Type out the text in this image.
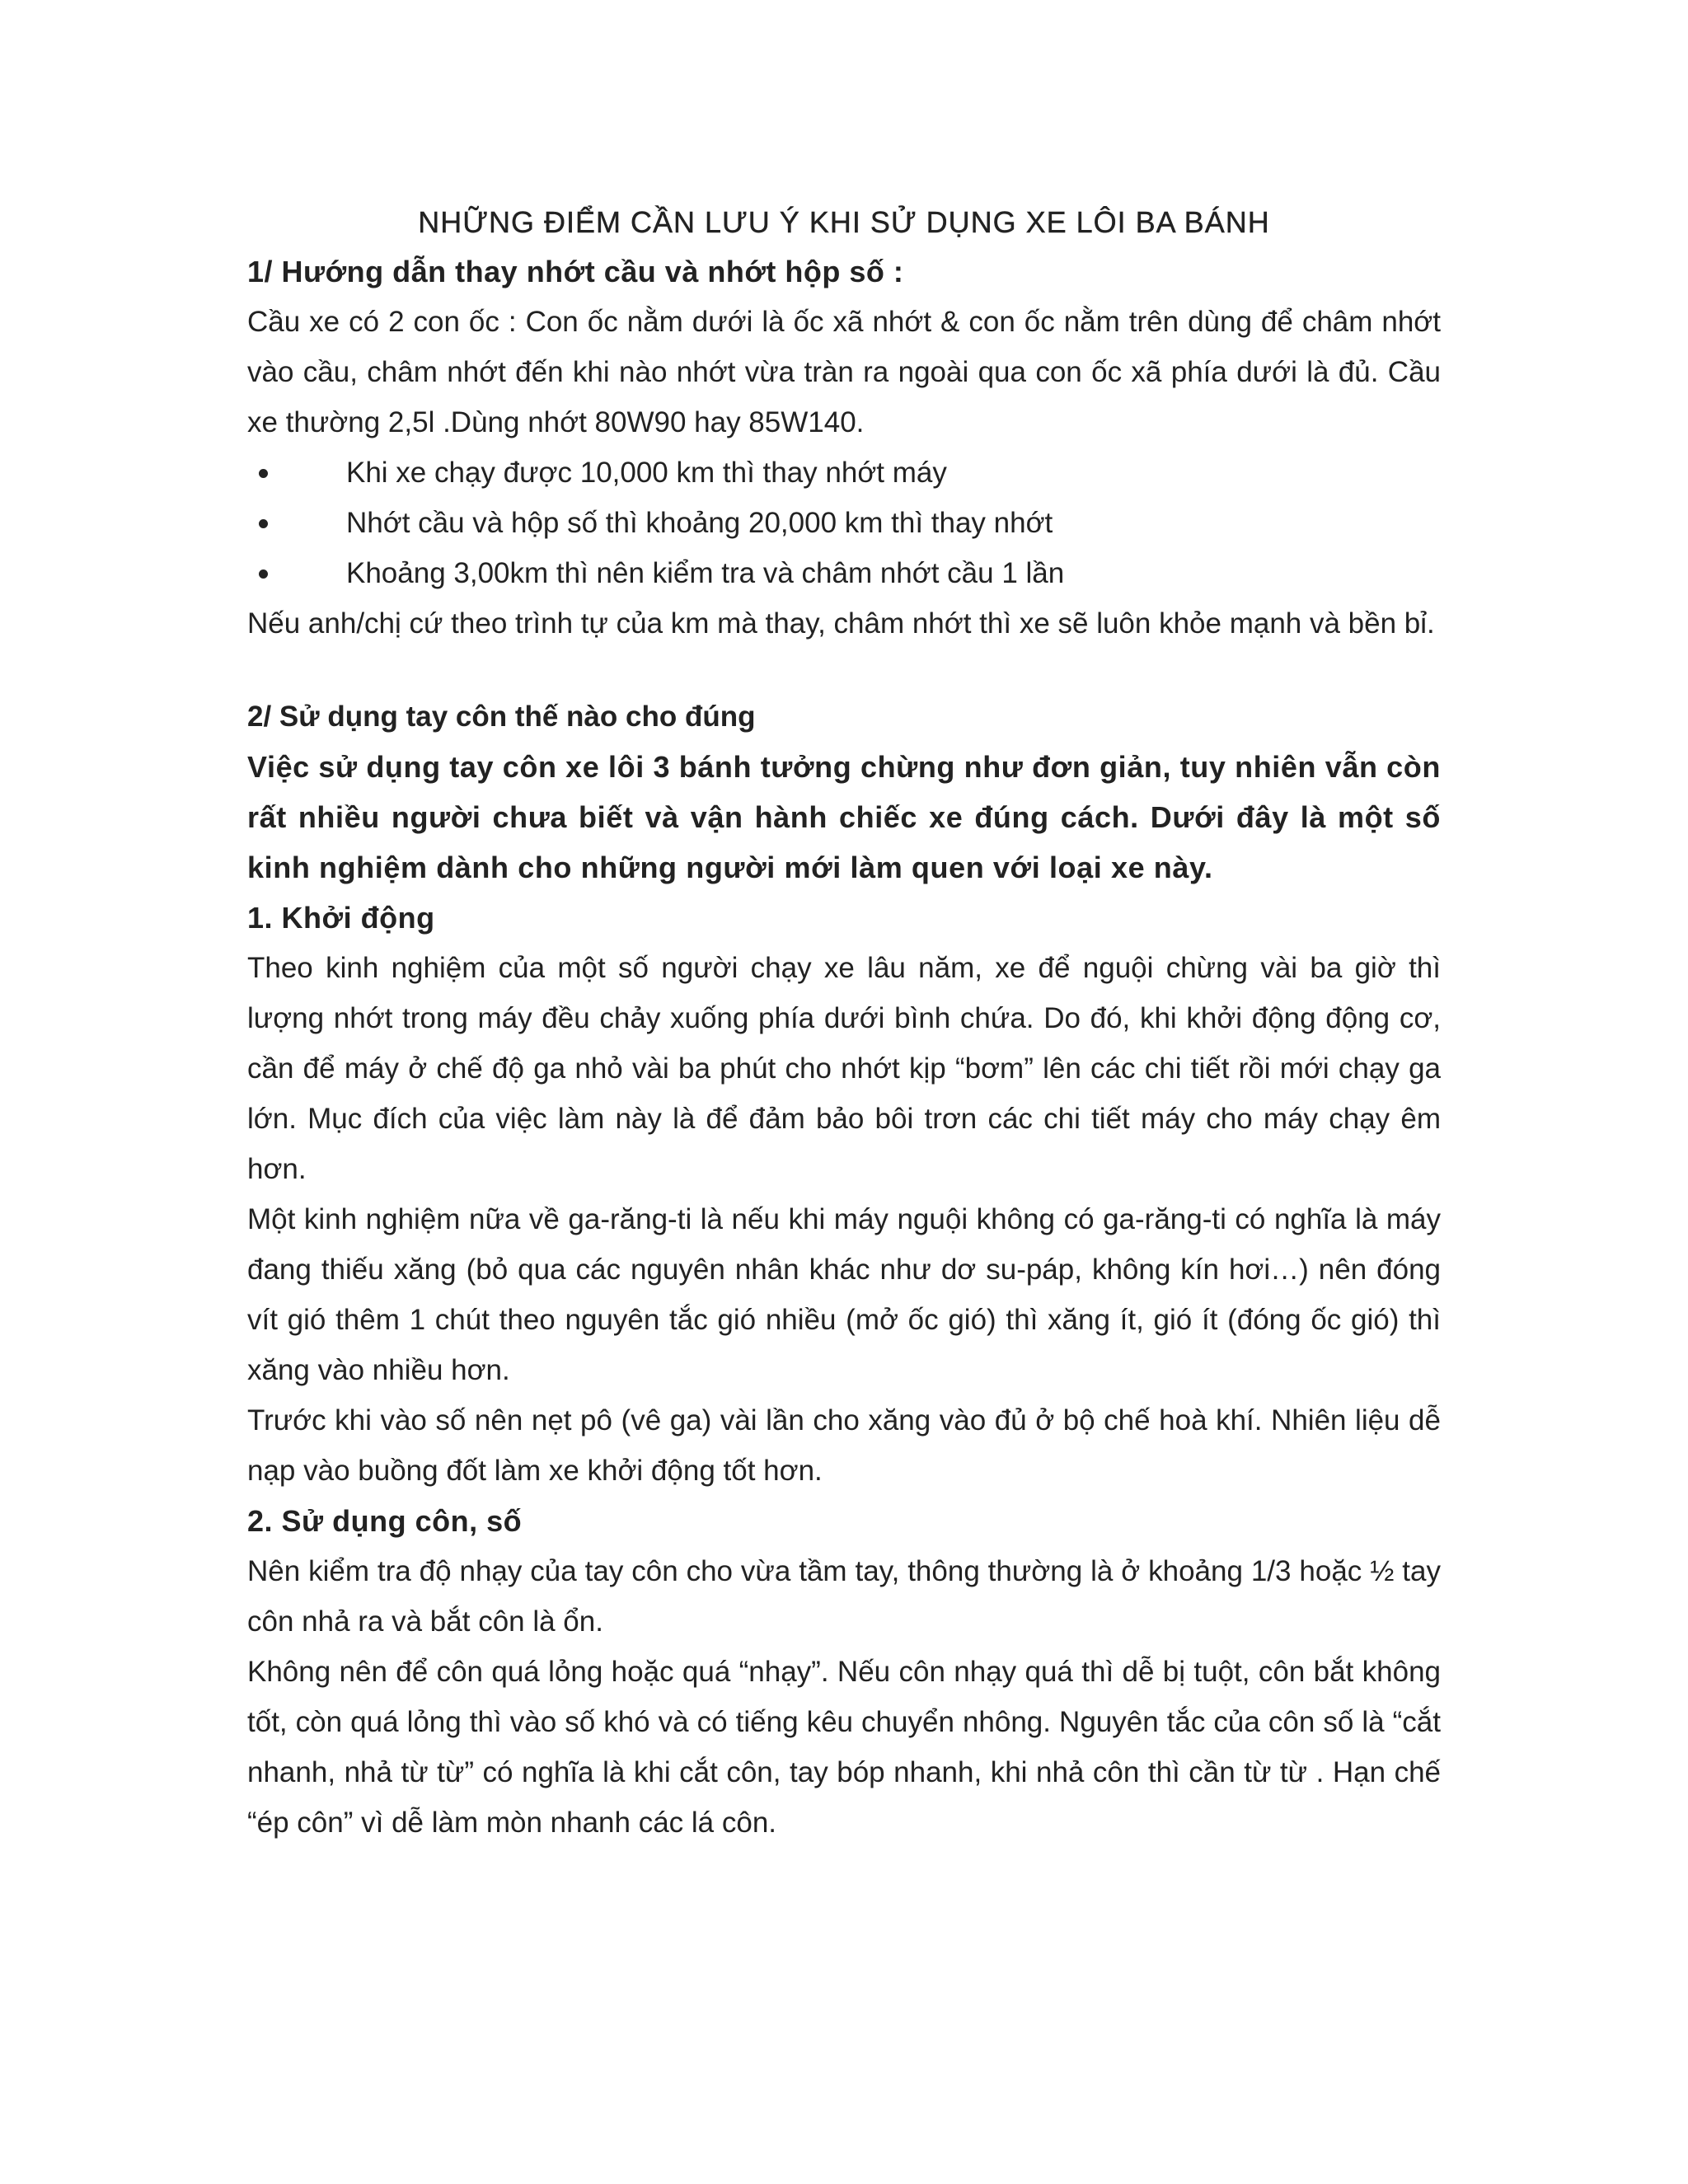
NHỮNG ĐIỂM CẦN LƯU Ý KHI SỬ DỤNG XE LÔI BA BÁNH

1/ Hướng dẫn thay nhớt cầu và nhớt hộp số :

Cầu xe có 2 con ốc : Con ốc nằm dưới là ốc xã nhớt & con ốc nằm trên dùng để châm nhớt vào cầu, châm nhớt đến khi nào nhớt vừa tràn ra ngoài qua con ốc xã phía dưới là đủ. Cầu xe thường 2,5l .Dùng nhớt 80W90 hay 85W140.

Khi xe chạy được 10,000 km thì thay nhớt máy
Nhớt cầu và hộp số thì khoảng 20,000 km thì thay nhớt
Khoảng 3,00km thì nên kiểm tra và châm nhớt cầu 1 lần

Nếu anh/chị cứ theo trình tự của km mà thay, châm nhớt thì xe sẽ luôn khỏe mạnh và bền bỉ.

2/ Sử dụng tay côn thế nào cho đúng

Việc sử dụng tay côn xe lôi 3 bánh tưởng chừng như đơn giản, tuy nhiên vẫn còn rất nhiều người chưa biết và vận hành chiếc xe đúng cách. Dưới đây là một số kinh nghiệm dành cho những người mới làm quen với loại xe này.

1. Khởi động

Theo kinh nghiệm của một số người chạy xe lâu năm, xe để nguội chừng vài ba giờ thì lượng nhớt trong máy đều chảy xuống phía dưới bình chứa. Do đó, khi khởi động động cơ, cần để máy ở chế độ ga nhỏ vài ba phút cho nhớt kịp “bơm” lên các chi tiết rồi mới chạy ga lớn. Mục đích của việc làm này là để đảm bảo bôi trơn các chi tiết máy cho máy chạy êm hơn.

Một kinh nghiệm nữa về ga-răng-ti là nếu khi máy nguội không có ga-răng-ti có nghĩa là máy đang thiếu xăng (bỏ qua các nguyên nhân khác như dơ su-páp, không kín hơi…) nên đóng vít gió thêm 1 chút theo nguyên tắc gió nhiều (mở ốc gió) thì xăng ít, gió ít (đóng ốc gió) thì xăng vào nhiều hơn.

Trước khi vào số nên nẹt pô (vê ga) vài lần cho xăng vào đủ ở bộ chế hoà khí. Nhiên liệu dễ nạp vào buồng đốt làm xe khởi động tốt hơn.

2. Sử dụng côn, số

Nên kiểm tra độ nhạy của tay côn cho vừa tầm tay, thông thường là ở khoảng 1/3 hoặc ½ tay côn nhả ra và bắt côn là ổn.

Không nên để côn quá lỏng hoặc quá “nhạy”. Nếu côn nhạy quá thì dễ bị tuột, côn bắt không tốt, còn quá lỏng thì vào số khó và có tiếng kêu chuyển nhông. Nguyên tắc của côn số là “cắt nhanh, nhả từ từ” có nghĩa là khi cắt côn, tay bóp nhanh, khi nhả côn thì cần từ từ . Hạn chế “ép côn” vì dễ làm mòn nhanh các lá côn.
